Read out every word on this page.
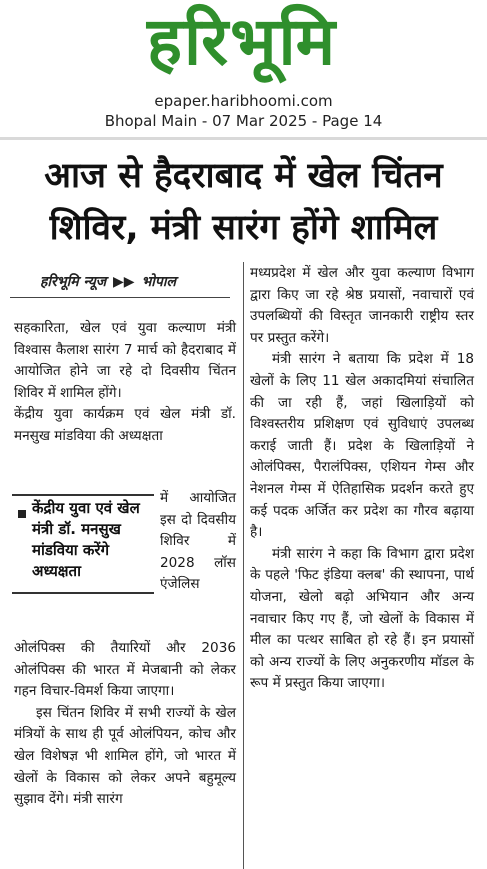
हरिभूमि
epaper.haribhoomi.com
Bhopal Main - 07 Mar 2025 - Page 14
आज से हैदराबाद में खेल चिंतन
शिविर, मंत्री सारंग होंगे शामिल
हरिभूमि न्यूज ▶▶ भोपाल

सहकारिता, खेल एवं युवा कल्याण मंत्री विश्वास कैलाश सारंग 7 मार्च को हैदराबाद में आयोजित होने जा रहे दो दिवसीय चिंतन शिविर में शामिल होंगे।

केंद्रीय युवा कार्यक्रम एवं खेल मंत्री डॉ. मनसुख मांडविया की अध्यक्षता

केंद्रीय युवा एवं खेल मंत्री डॉ. मनसुख मांडविया करेंगे अध्यक्षता

में आयोजित इस दो दिवसीय शिविर में 2028 लॉस एंजेलिस

ओलंपिक्स की तैयारियों और 2036 ओलंपिक्स की भारत में मेजबानी को लेकर गहन विचार-विमर्श किया जाएगा।

इस चिंतन शिविर में सभी राज्यों के खेल मंत्रियों के साथ ही पूर्व ओलंपियन, कोच और खेल विशेषज्ञ भी शामिल होंगे, जो भारत में खेलों के विकास को लेकर अपने बहुमूल्य सुझाव देंगे। मंत्री सारंग

मध्यप्रदेश में खेल और युवा कल्याण विभाग द्वारा किए जा रहे श्रेष्ठ प्रयासों, नवाचारों एवं उपलब्धियों की विस्तृत जानकारी राष्ट्रीय स्तर पर प्रस्तुत करेंगे।

मंत्री सारंग ने बताया कि प्रदेश में 18 खेलों के लिए 11 खेल अकादमियां संचालित की जा रही हैं, जहां खिलाड़ियों को विश्वस्तरीय प्रशिक्षण एवं सुविधाएं उपलब्ध कराई जाती हैं। प्रदेश के खिलाड़ियों ने ओलंपिक्स, पैरालंपिक्स, एशियन गेम्स और नेशनल गेम्स में ऐतिहासिक प्रदर्शन करते हुए कई पदक अर्जित कर प्रदेश का गौरव बढ़ाया है।

मंत्री सारंग ने कहा कि विभाग द्वारा प्रदेश के पहले 'फिट इंडिया क्लब' की स्थापना, पार्थ योजना, खेलो बढ़ो अभियान और अन्य नवाचार किए गए हैं, जो खेलों के विकास में मील का पत्थर साबित हो रहे हैं। इन प्रयासों को अन्य राज्यों के लिए अनुकरणीय मॉडल के रूप में प्रस्तुत किया जाएगा।
